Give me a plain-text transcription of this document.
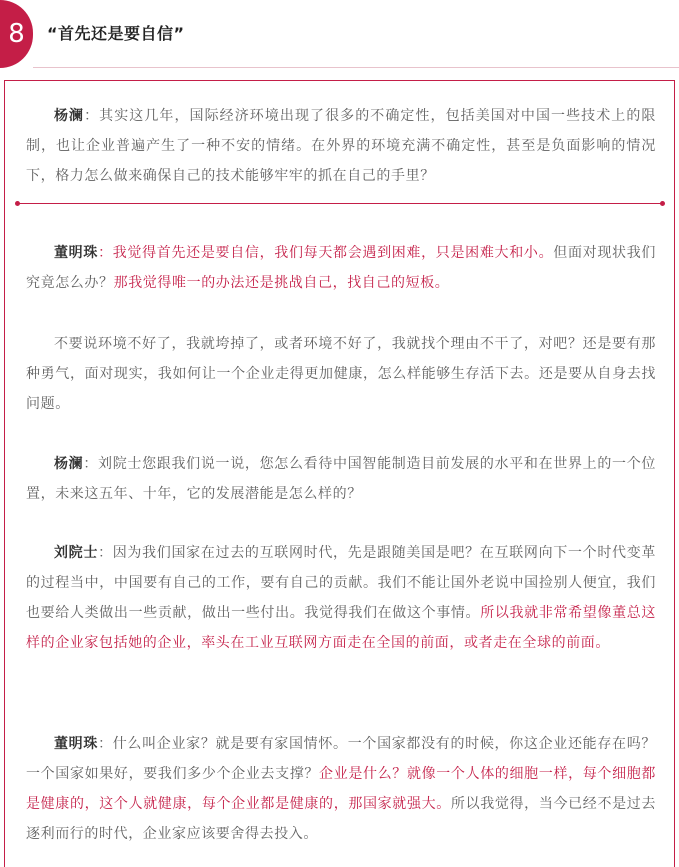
8	“首先还是要自信”

杨澜：其实这几年，国际经济环境出现了很多的不确定性，包括美国对中国一些技术上的限制，也让企业普遍产生了一种不安的情绪。在外界的环境充满不确定性，甚至是负面影响的情况下，格力怎么做来确保自己的技术能够牢牢的抓在自己的手里？

董明珠：我觉得首先还是要自信，我们每天都会遇到困难，只是困难大和小。但面对现状我们究竟怎么办？那我觉得唯一的办法还是挑战自己，找自己的短板。

不要说环境不好了，我就垮掉了，或者环境不好了，我就找个理由不干了，对吧？还是要有那种勇气，面对现实，我如何让一个企业走得更加健康，怎么样能够生存活下去。还是要从自身去找问题。

杨澜：刘院士您跟我们说一说，您怎么看待中国智能制造目前发展的水平和在世界上的一个位置，未来这五年、十年，它的发展潜能是怎么样的？

刘院士：因为我们国家在过去的互联网时代，先是跟随美国是吧？在互联网向下一个时代变革的过程当中，中国要有自己的工作，要有自己的贡献。我们不能让国外老说中国捡别人便宜，我们也要给人类做出一些贡献，做出一些付出。我觉得我们在做这个事情。所以我就非常希望像董总这样的企业家包括她的企业，率头在工业互联网方面走在全国的前面，或者走在全球的前面。

董明珠：什么叫企业家？就是要有家国情怀。一个国家都没有的时候，你这企业还能存在吗？一个国家如果好，要我们多少个企业去支撑？企业是什么？就像一个人体的细胞一样，每个细胞都是健康的，这个人就健康，每个企业都是健康的，那国家就强大。所以我觉得，当今已经不是过去逐利而行的时代，企业家应该要舍得去投入。
